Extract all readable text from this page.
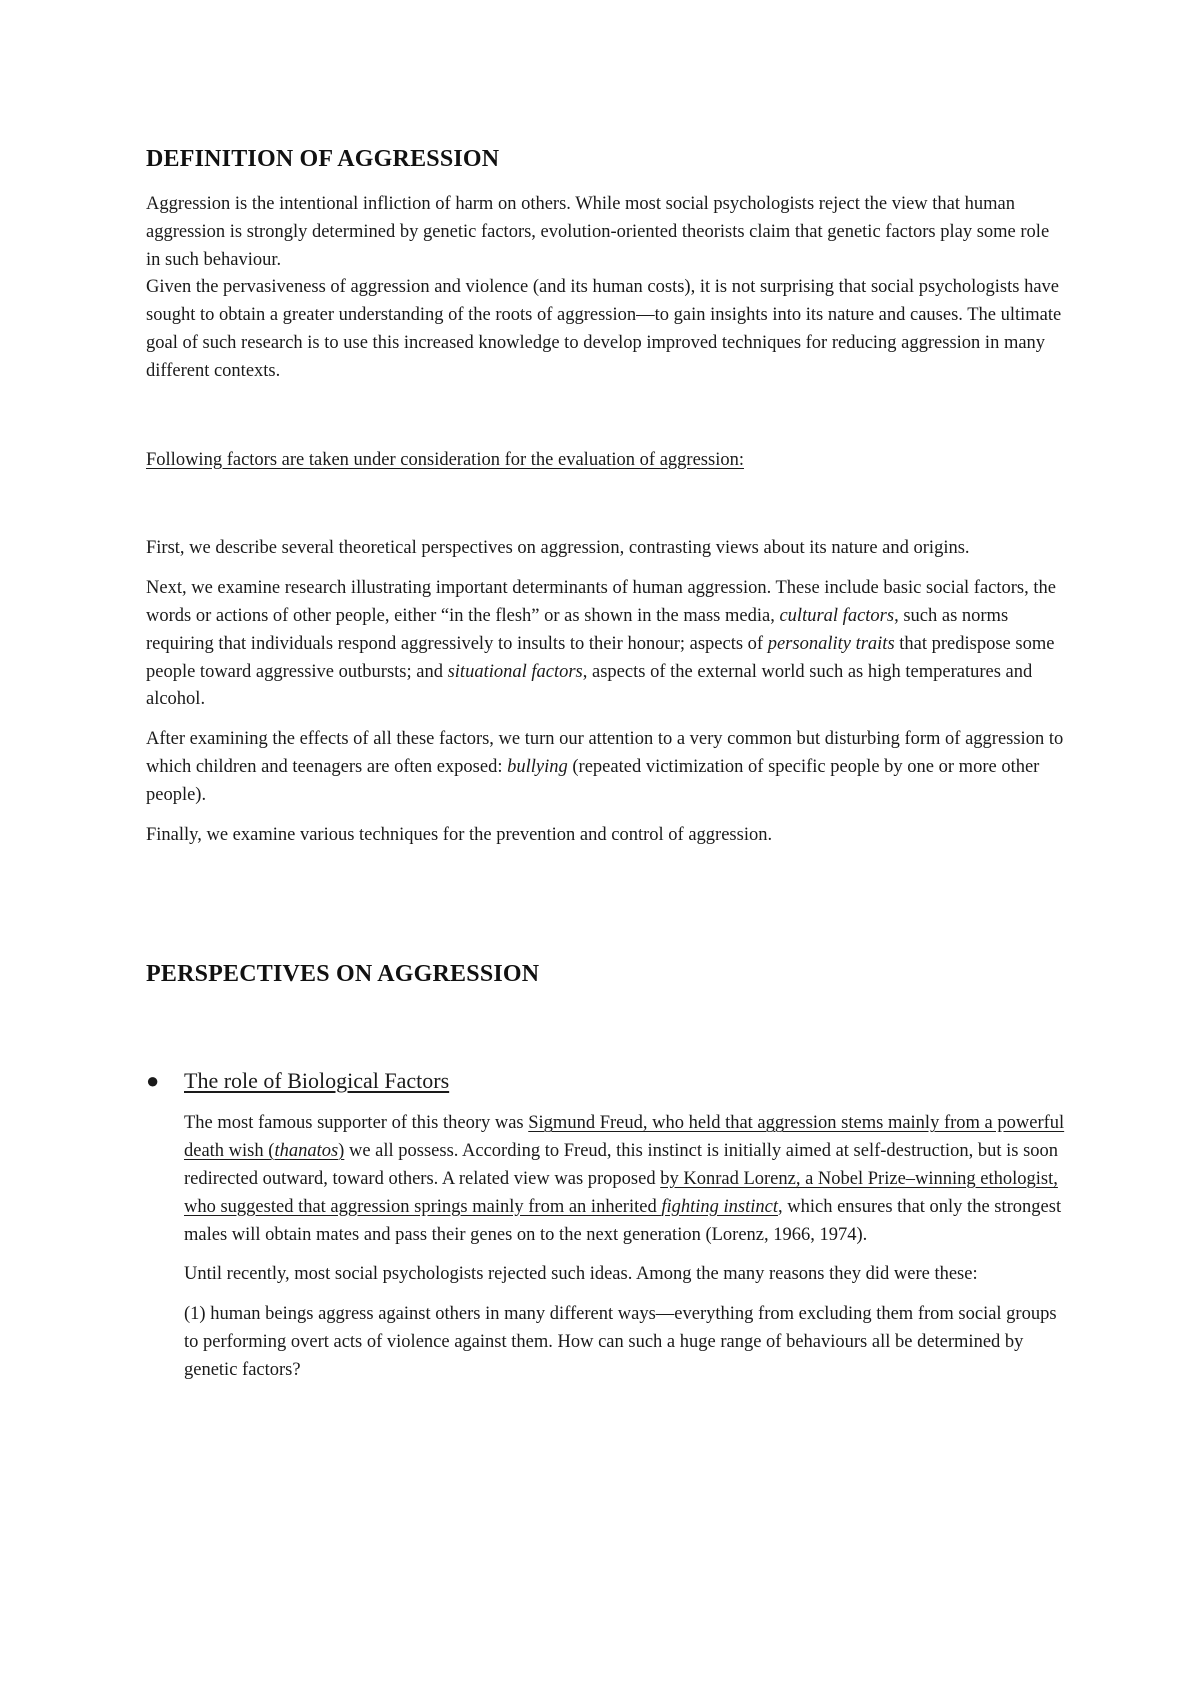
DEFINITION OF AGGRESSION

Aggression is the intentional infliction of harm on others. While most social psychologists reject the view that human aggression is strongly determined by genetic factors, evolution-oriented theorists claim that genetic factors play some role in such behaviour.

Given the pervasiveness of aggression and violence (and its human costs), it is not surprising that social psychologists have sought to obtain a greater understanding of the roots of aggression—to gain insights into its nature and causes. The ultimate goal of such research is to use this increased knowledge to develop improved techniques for reducing aggression in many different contexts.

Following factors are taken under consideration for the evaluation of aggression:

First, we describe several theoretical perspectives on aggression, contrasting views about its nature and origins.

Next, we examine research illustrating important determinants of human aggression. These include basic social factors, the words or actions of other people, either “in the flesh” or as shown in the mass media, cultural factors, such as norms requiring that individuals respond aggressively to insults to their honour; aspects of personality traits that predispose some people toward aggressive outbursts; and situational factors, aspects of the external world such as high temperatures and alcohol.

After examining the effects of all these factors, we turn our attention to a very common but disturbing form of aggression to which children and teenagers are often exposed: bullying (repeated victimization of specific people by one or more other people).

Finally, we examine various techniques for the prevention and control of aggression.

PERSPECTIVES ON AGGRESSION
● The role of Biological Factors

The most famous supporter of this theory was Sigmund Freud, who held that aggression stems mainly from a powerful death wish (thanatos) we all possess. According to Freud, this instinct is initially aimed at self-destruction, but is soon redirected outward, toward others. A related view was proposed by Konrad Lorenz, a Nobel Prize–winning ethologist, who suggested that aggression springs mainly from an inherited fighting instinct, which ensures that only the strongest males will obtain mates and pass their genes on to the next generation (Lorenz, 1966, 1974).

Until recently, most social psychologists rejected such ideas. Among the many reasons they did were these:

(1) human beings aggress against others in many different ways—everything from excluding them from social groups to performing overt acts of violence against them. How can such a huge range of behaviours all be determined by genetic factors?
